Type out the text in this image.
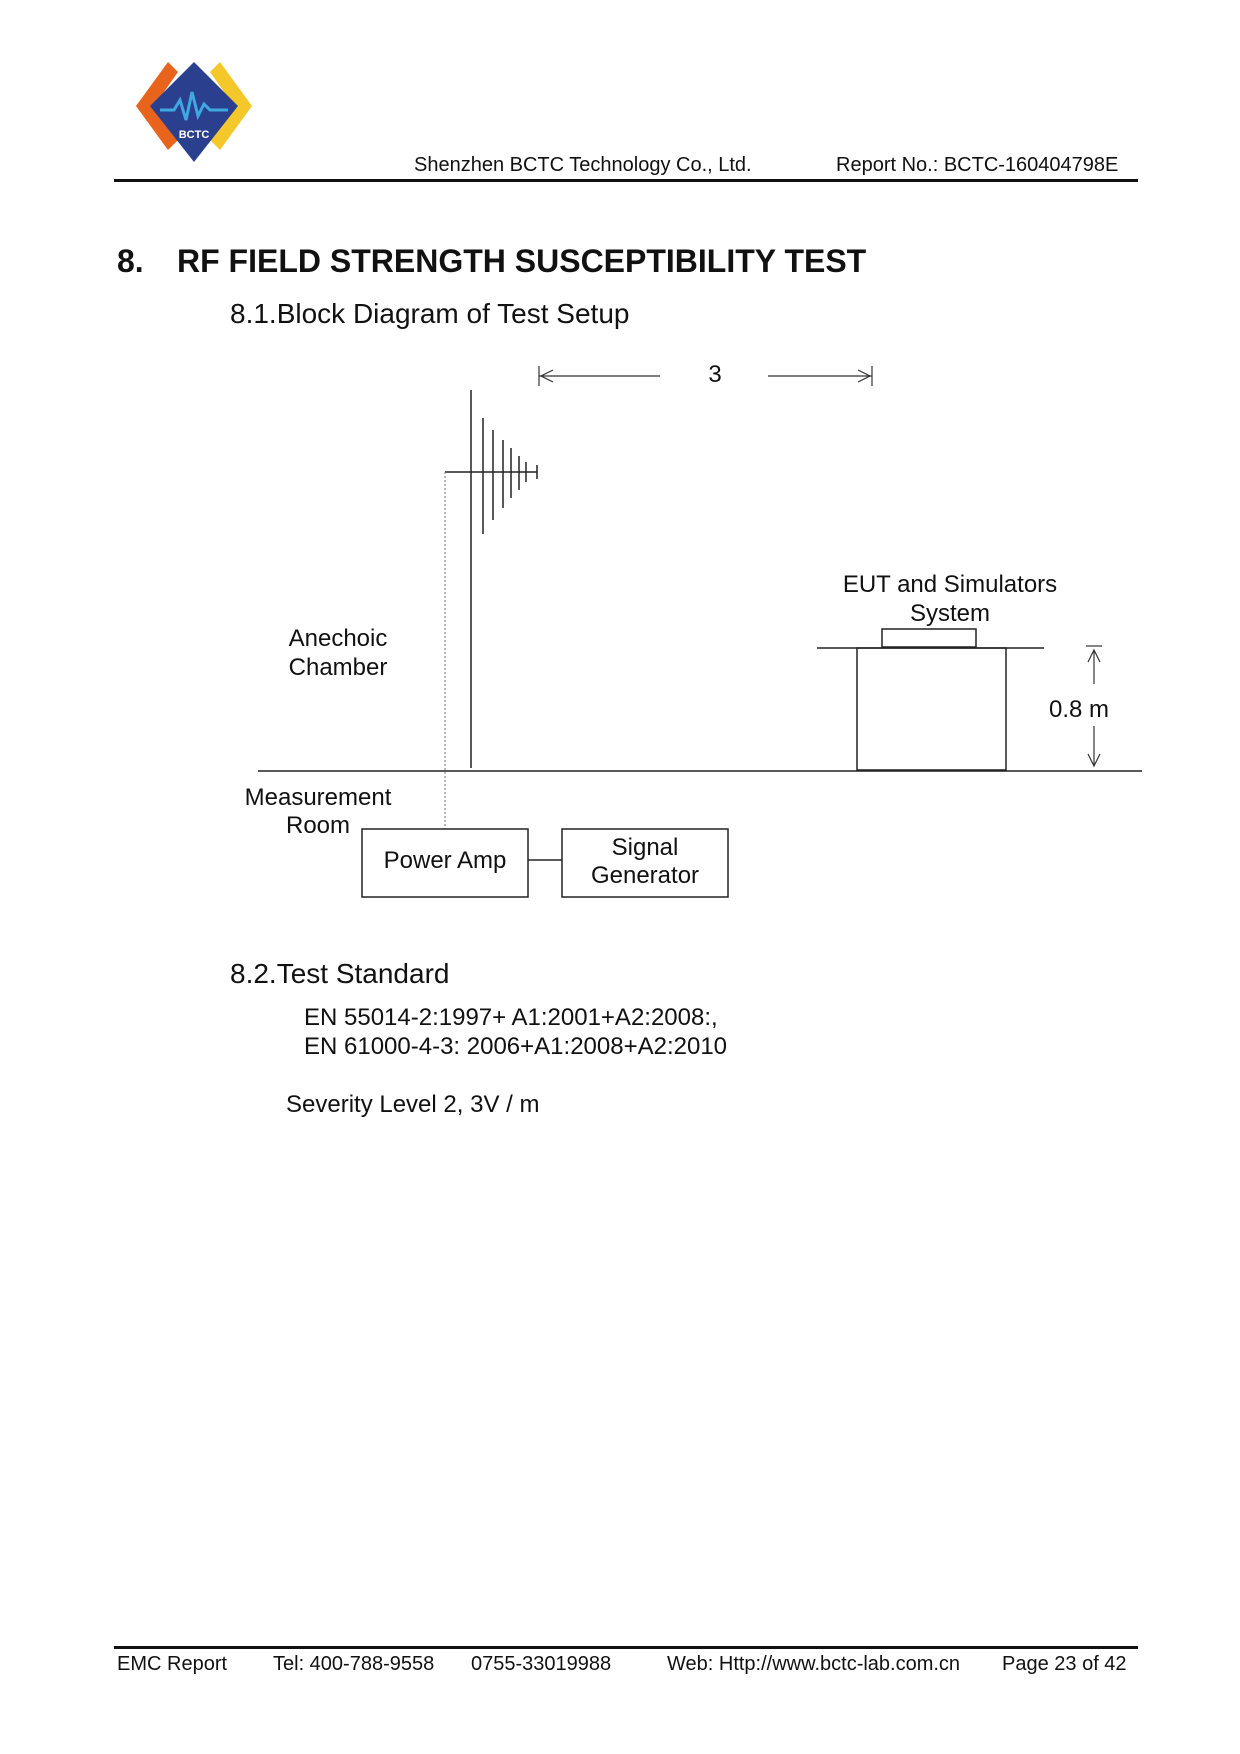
BCTC
Shenzhen BCTC Technology Co., Ltd.	Report No.: BCTC-160404798E
8. RF FIELD STRENGTH SUSCEPTIBILITY TEST
8.1.Block Diagram of Test Setup
3
EUT and Simulators
System
0.8 m
Anechoic
Chamber
Measurement
Room
Power Amp	Signal
Generator
8.2.Test Standard
EN 55014-2:1997+ A1:2001+A2:2008:,
EN 61000-4-3: 2006+A1:2008+A2:2010
Severity Level 2, 3V / m
EMC Report Tel: 400-788-9558 0755-33019988	Web: Http://www.bctc-lab.com.cn Page 23 of 42
